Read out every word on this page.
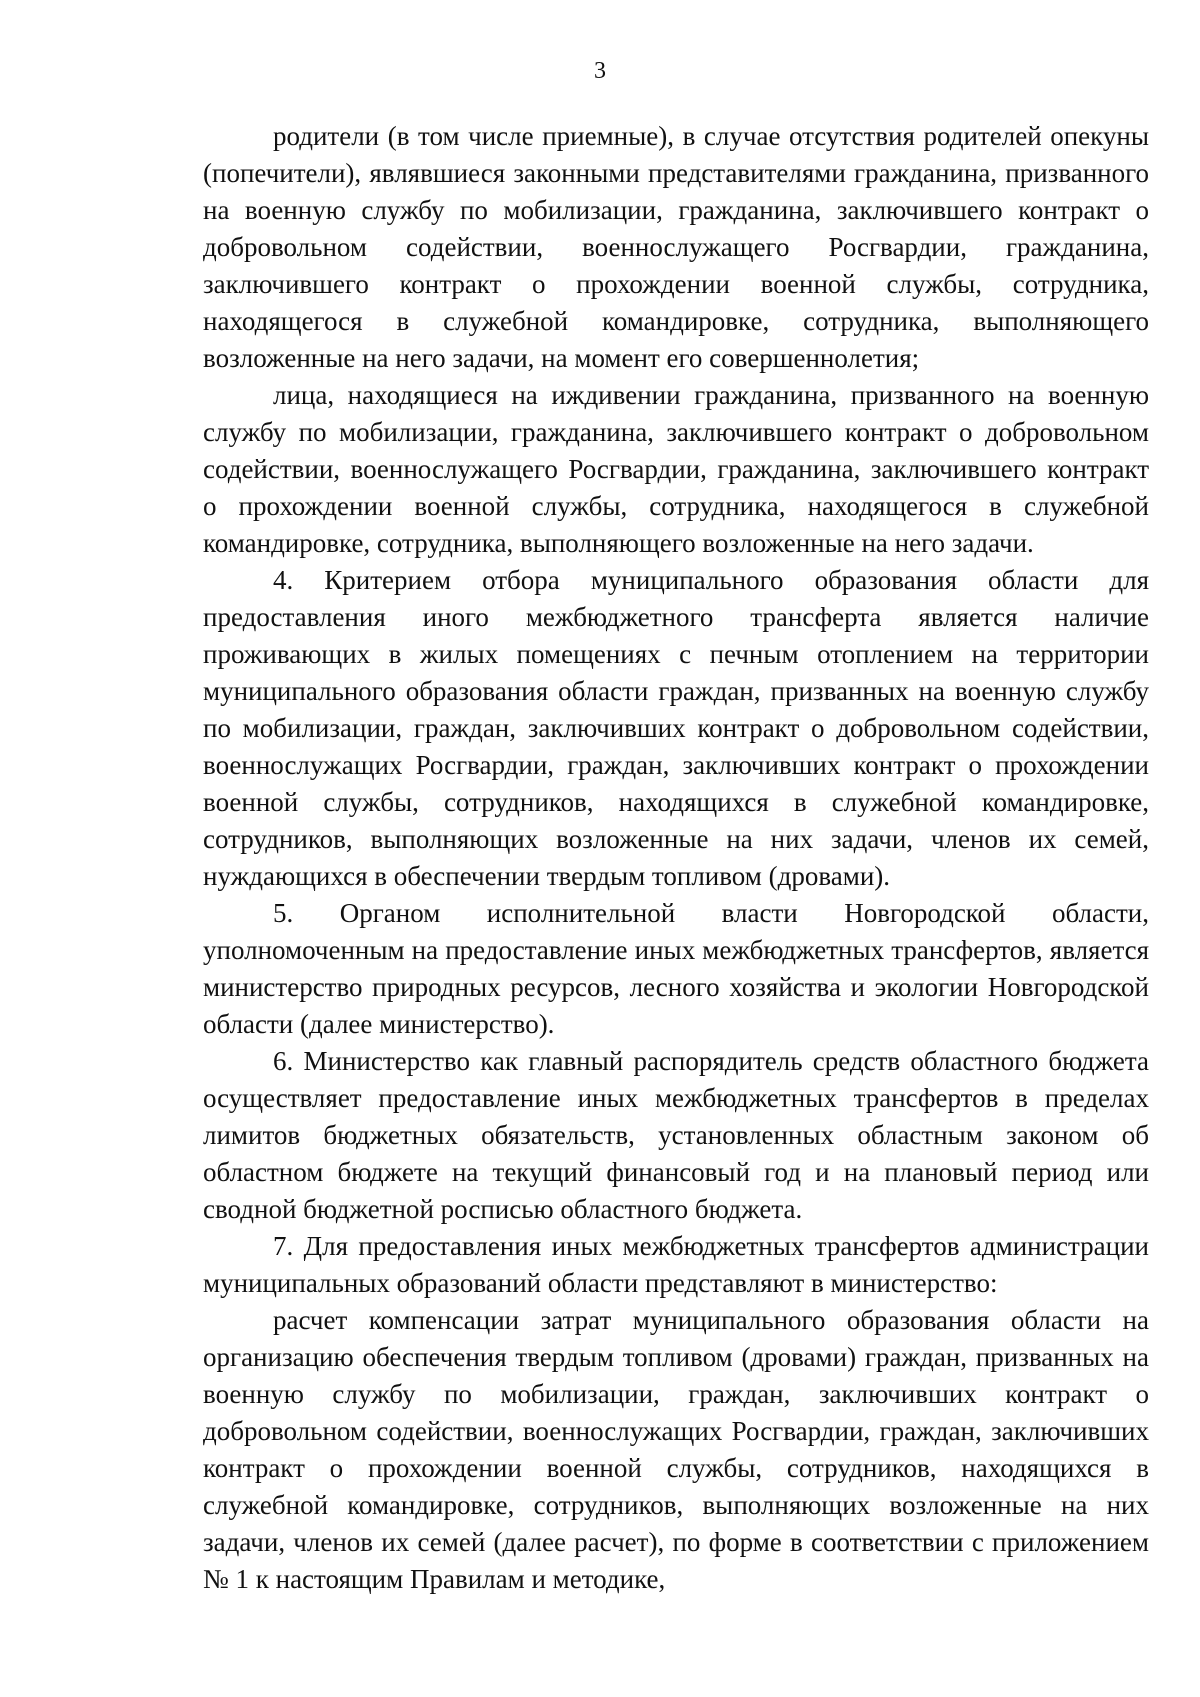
3

родители (в том числе приемные), в случае отсутствия родителей опекуны (попечители), являвшиеся законными представителями гражданина, призванного на военную службу по мобилизации, гражданина, заключившего контракт о добровольном содействии, военнослужащего Росгвардии, гражданина, заключившего контракт о прохождении военной службы, сотрудника, находящегося в служебной командировке, сотрудника, выполняющего возложенные на него задачи, на момент его совершеннолетия;

лица, находящиеся на иждивении гражданина, призванного на военную службу по мобилизации, гражданина, заключившего контракт о добровольном содействии, военнослужащего Росгвардии, гражданина, заключившего контракт о прохождении военной службы, сотрудника, находящегося в служебной командировке, сотрудника, выполняющего возложенные на него задачи.

4. Критерием отбора муниципального образования области для предоставления иного межбюджетного трансферта является наличие проживающих в жилых помещениях с печным отоплением на территории муниципального образования области граждан, призванных на военную службу по мобилизации, граждан, заключивших контракт о добровольном содействии, военнослужащих Росгвардии, граждан, заключивших контракт о прохождении военной службы, сотрудников, находящихся в служебной командировке, сотрудников, выполняющих возложенные на них задачи, членов их семей, нуждающихся в обеспечении твердым топливом (дровами).

5. Органом исполнительной власти Новгородской области, уполномоченным на предоставление иных межбюджетных трансфертов, является министерство природных ресурсов, лесного хозяйства и экологии Новгородской области (далее министерство).

6. Министерство как главный распорядитель средств областного бюджета осуществляет предоставление иных межбюджетных трансфертов в пределах лимитов бюджетных обязательств, установленных областным законом об областном бюджете на текущий финансовый год и на плановый период или сводной бюджетной росписью областного бюджета.

7. Для предоставления иных межбюджетных трансфертов администрации муниципальных образований области представляют в министерство:

расчет компенсации затрат муниципального образования области на организацию обеспечения твердым топливом (дровами) граждан, призванных на военную службу по мобилизации, граждан, заключивших контракт о добровольном содействии, военнослужащих Росгвардии, граждан, заключивших контракт о прохождении военной службы, сотрудников, находящихся в служебной командировке, сотрудников, выполняющих возложенные на них задачи, членов их семей (далее расчет), по форме в соответствии с приложением № 1 к настоящим Правилам и методике,
